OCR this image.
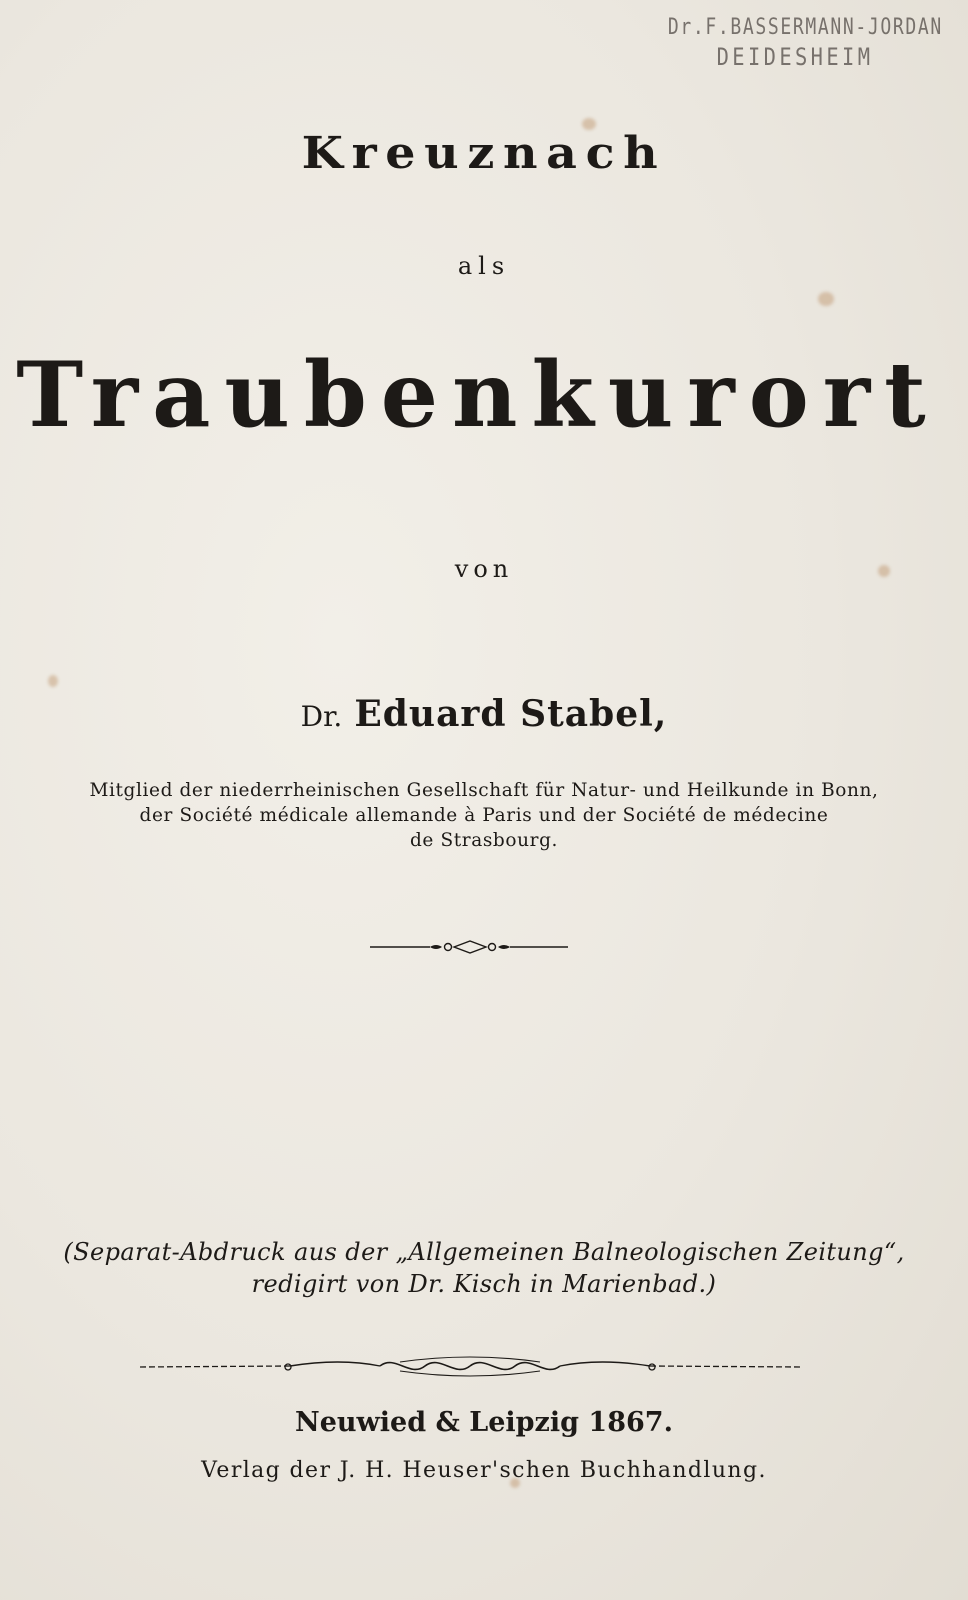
Dr.F.BASSERMANN-JORDAN
DEIDESHEIM
Kreuznach
als
Traubenkurort
von
Dr. Eduard Stabel,
Mitglied der niederrheinischen Gesellschaft für Natur- und Heilkunde in Bonn,
der Société médicale allemande à Paris und der Société de médecine
de Strasbourg.
(Separat-Abdruck aus der „Allgemeinen Balneologischen Zeitung“,
redigirt von Dr. Kisch in Marienbad.)
Neuwied & Leipzig 1867.
Verlag der J. H. Heuser'schen Buchhandlung.
